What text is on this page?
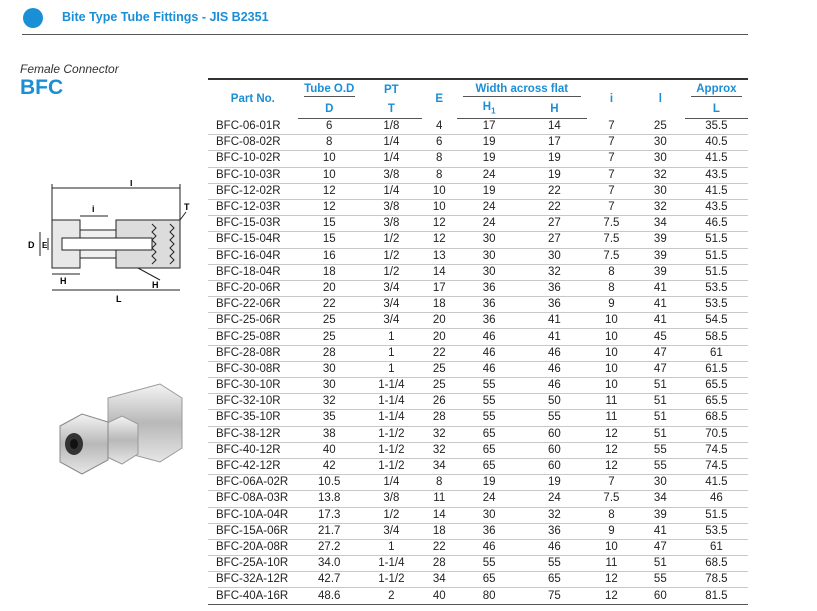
Bite Type Tube Fittings - JIS B2351
Female Connector
BFC
l
i	T
D E
H	H
L
Part No.	Tube O.D	PT	E	Width across flat		i	l	Approx

	D	T		$H_1$	H			L
BFC-06-01R	6	1/8	4	17	14	7	25	35.5
BFC-08-02R	8	1/4	6	19	17	7	30	40.5
BFC-10-02R	10	1/4	8	19	19	7	30	41.5
BFC-10-03R	10	3/8	8	24	19	7	32	43.5
BFC-12-02R	12	1/4	10	19	22	7	30	41.5
BFC-12-03R	12	3/8	10	24	22	7	32	43.5
BFC-15-03R	15	3/8	12	24	27	7.5	34	46.5
BFC-15-04R	15	1/2	12	30	27	7.5	39	51.5
BFC-16-04R	16	1/2	13	30	30	7.5	39	51.5
BFC-18-04R	18	1/2	14	30	32	8	39	51.5
BFC-20-06R	20	3/4	17	36	36	8	41	53.5
BFC-22-06R	22	3/4	18	36	36	9	41	53.5
BFC-25-06R	25	3/4	20	36	41	10	41	54.5
BFC-25-08R	25	1	20	46	41	10	45	58.5
BFC-28-08R	28	1	22	46	46	10	47	61
BFC-30-08R	30	1	25	46	46	10	47	61.5
BFC-30-10R	30	1-1/4	25	55	46	10	51	65.5
BFC-32-10R	32	1-1/4	26	55	50	11	51	65.5
BFC-35-10R	35	1-1/4	28	55	55	11	51	68.5
BFC-38-12R	38	1-1/2	32	65	60	12	51	70.5
BFC-40-12R	40	1-1/2	32	65	60	12	55	74.5
BFC-42-12R	42	1-1/2	34	65	60	12	55	74.5
BFC-06A-02R	10.5	1/4	8	19	19	7	30	41.5
BFC-08A-03R	13.8	3/8	11	24	24	7.5	34	46
BFC-10A-04R	17.3	1/2	14	30	32	8	39	51.5
BFC-15A-06R	21.7	3/4	18	36	36	9	41	53.5
BFC-20A-08R	27.2	1	22	46	46	10	47	61
BFC-25A-10R	34.0	1-1/4	28	55	55	11	51	68.5
BFC-32A-12R	42.7	1-1/2	34	65	65	12	55	78.5
BFC-40A-16R	48.6	2	40	80	75	12	60	81.5
